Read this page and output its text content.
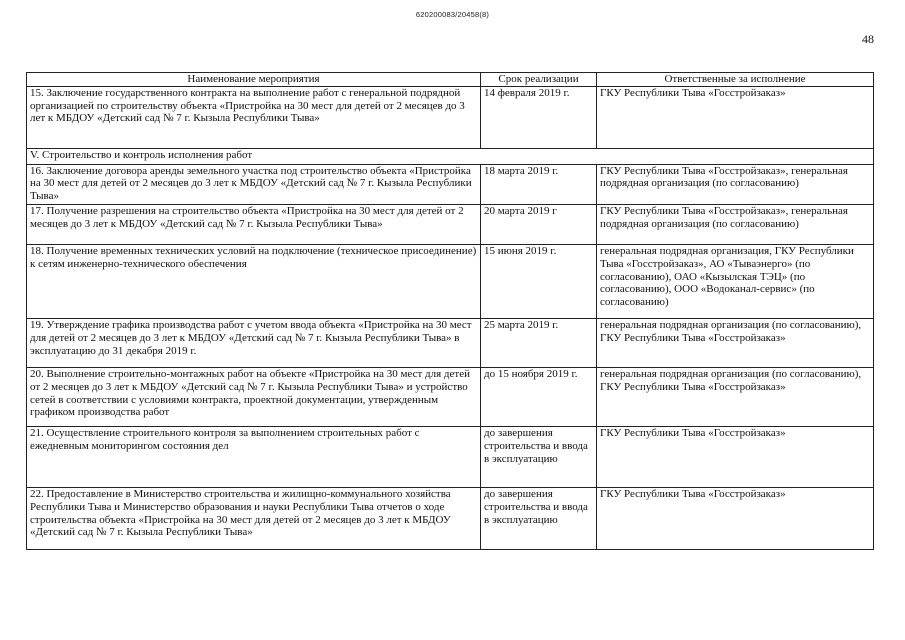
620200083/20458(8)
48
Наименование мероприятия	Срок реализации	Ответственные за исполнение
15. Заключение государственного контракта на выполнение работ с генеральной подрядной организацией по строительству объекта «Пристройка на 30 мест для детей от 2 месяцев до 3 лет к МБДОУ «Детский сад № 7 г. Кызыла Республики Тыва»	14 февраля 2019 г.	ГКУ Республики Тыва «Госстройзаказ»
V. Строительство и контроль исполнения работ		
16. Заключение договора аренды земельного участка под строительство объекта «Пристройка на 30 мест для детей от 2 месяцев до 3 лет к МБДОУ «Детский сад № 7 г. Кызыла Республики Тыва»	18 марта 2019 г.	ГКУ Республики Тыва «Госстройзаказ», генеральная подрядная организация (по согласованию)
17. Получение разрешения на строительство объекта «Пристройка на 30 мест для детей от 2 месяцев до 3 лет к МБДОУ «Детский сад № 7 г. Кызыла Республики Тыва»	20 марта 2019 г	ГКУ Республики Тыва «Госстройзаказ», генеральная подрядная организация (по согласованию)
18. Получение временных технических условий на подключение (техническое присоединение) к сетям инженерно-технического обеспечения	15 июня 2019 г.	генеральная подрядная организация, ГКУ Республики Тыва «Госстройзаказ», АО «Тываэнерго» (по согласованию), ОАО «Кызылская ТЭЦ» (по согласованию), ООО «Водоканал-сервис» (по согласованию)
19. Утверждение графика производства работ с учетом ввода объекта «Пристройка на 30 мест для детей от 2 месяцев до 3 лет к МБДОУ «Детский сад № 7 г. Кызыла Республики Тыва» в эксплуатацию до 31 декабря 2019 г.	25 марта 2019 г.	генеральная подрядная организация (по согласованию), ГКУ Республики Тыва «Госстройзаказ»
20. Выполнение строительно-монтажных работ на объекте «Пристройка на 30 мест для детей от 2 месяцев до 3 лет к МБДОУ «Детский сад № 7 г. Кызыла Республики Тыва» и устройство сетей в соответствии с условиями контракта, проектной документации, утвержденным графиком производства работ	до 15 ноября 2019 г.	генеральная подрядная организация (по согласованию), ГКУ Республики Тыва «Госстройзаказ»
21. Осуществление строительного контроля за выполнением строительных работ с ежедневным мониторингом состояния дел	до завершения строительства и ввода в эксплуатацию	ГКУ Республики Тыва «Госстройзаказ»
22. Предоставление в Министерство строительства и жилищно-коммунального хозяйства Республики Тыва и Министерство образования и науки Республики Тыва отчетов о ходе строительства объекта «Пристройка на 30 мест для детей от 2 месяцев до 3 лет к МБДОУ «Детский сад № 7 г. Кызыла Республики Тыва»	до завершения строительства и ввода в эксплуатацию	ГКУ Республики Тыва «Госстройзаказ»
